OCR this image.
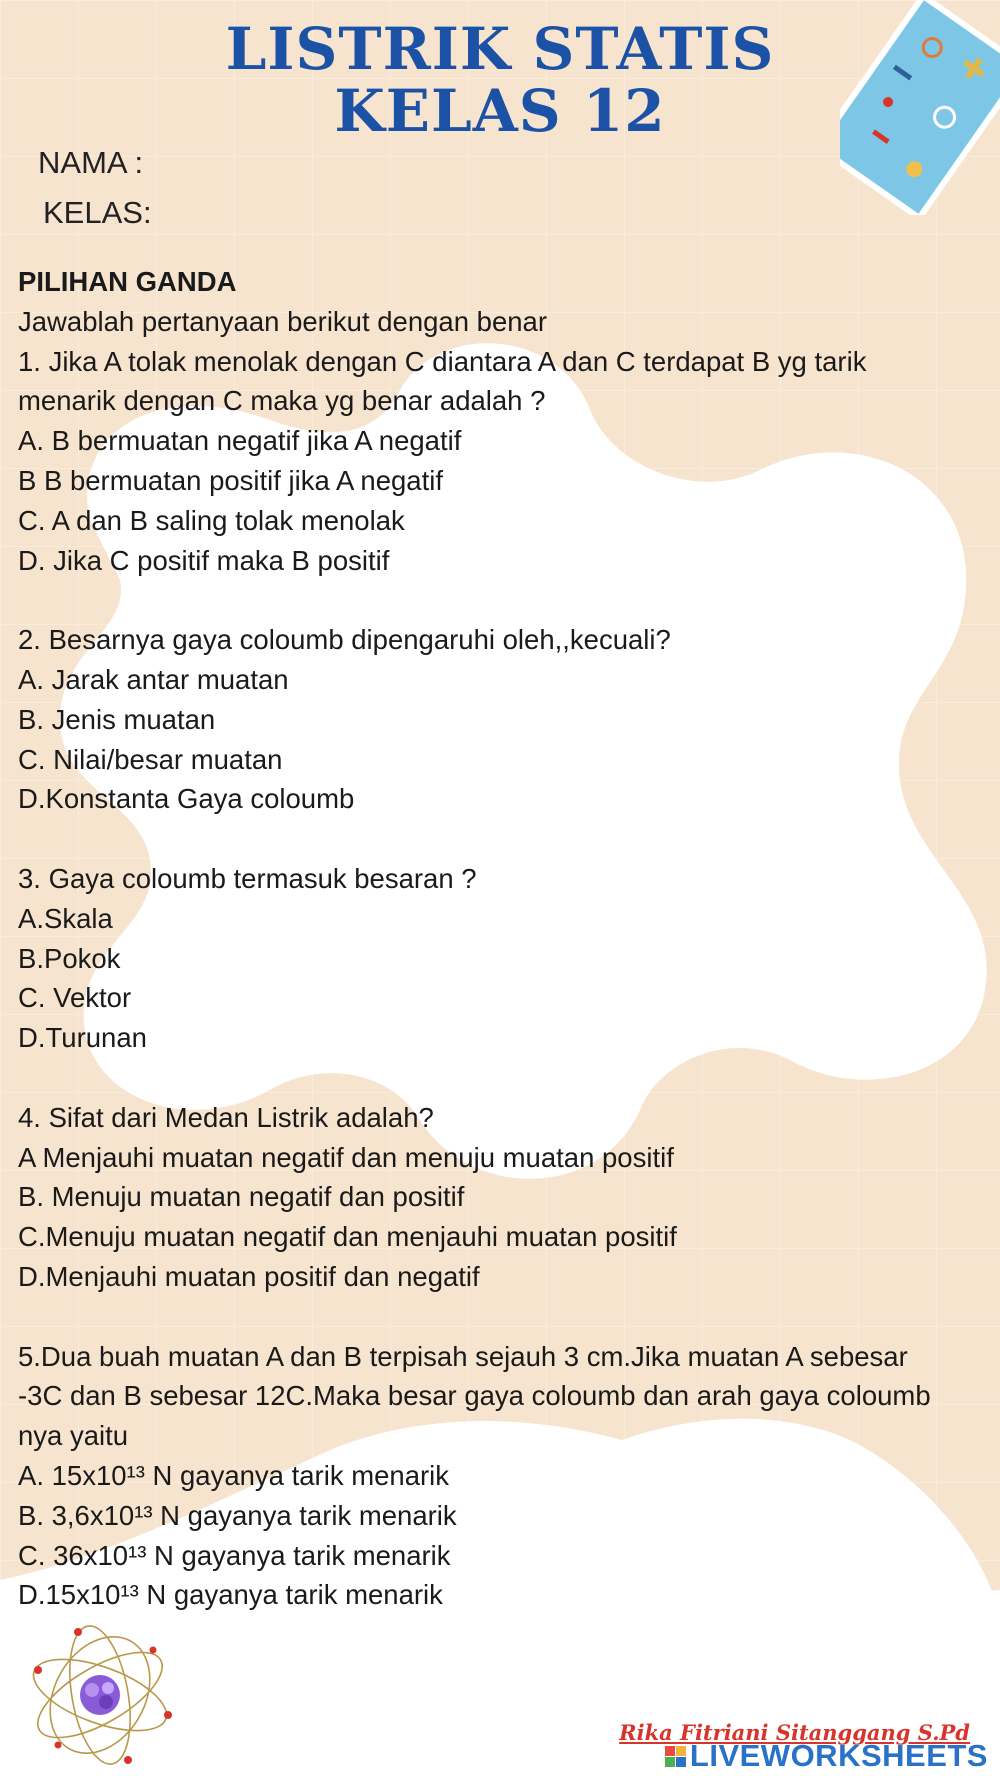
LISTRIK STATIS
KELAS 12
NAMA :
KELAS:
PILIHAN GANDA
Jawablah pertanyaan berikut dengan benar
1. Jika A tolak menolak dengan C diantara A dan C terdapat B yg tarik
menarik dengan C maka yg benar adalah ?
A. B bermuatan negatif jika A negatif
B B bermuatan positif jika A negatif
C. A dan B saling tolak menolak
D. Jika C positif maka B positif
2. Besarnya gaya coloumb dipengaruhi oleh,,kecuali?
A. Jarak antar muatan
B. Jenis muatan
C. Nilai/besar muatan
D.Konstanta Gaya coloumb
3. Gaya coloumb termasuk besaran ?
A.Skala
B.Pokok
C. Vektor
D.Turunan
4. Sifat dari Medan Listrik adalah?
A Menjauhi muatan negatif dan menuju muatan positif
B. Menuju muatan negatif dan positif
C.Menuju muatan negatif dan menjauhi muatan positif
D.Menjauhi muatan positif dan negatif
5.Dua buah muatan A dan B terpisah sejauh 3 cm.Jika muatan A sebesar
-3C dan B sebesar 12C.Maka besar gaya coloumb dan arah gaya coloumb
nya yaitu
A. 15x10¹³ N gayanya tarik menarik
B. 3,6x10¹³ N gayanya tarik menarik
C. 36x10¹³ N gayanya tarik menarik
D.15x10¹³ N gayanya tarik menarik
Rika Fitriani Sitanggang S.Pd
LIVEWORKSHEETS
